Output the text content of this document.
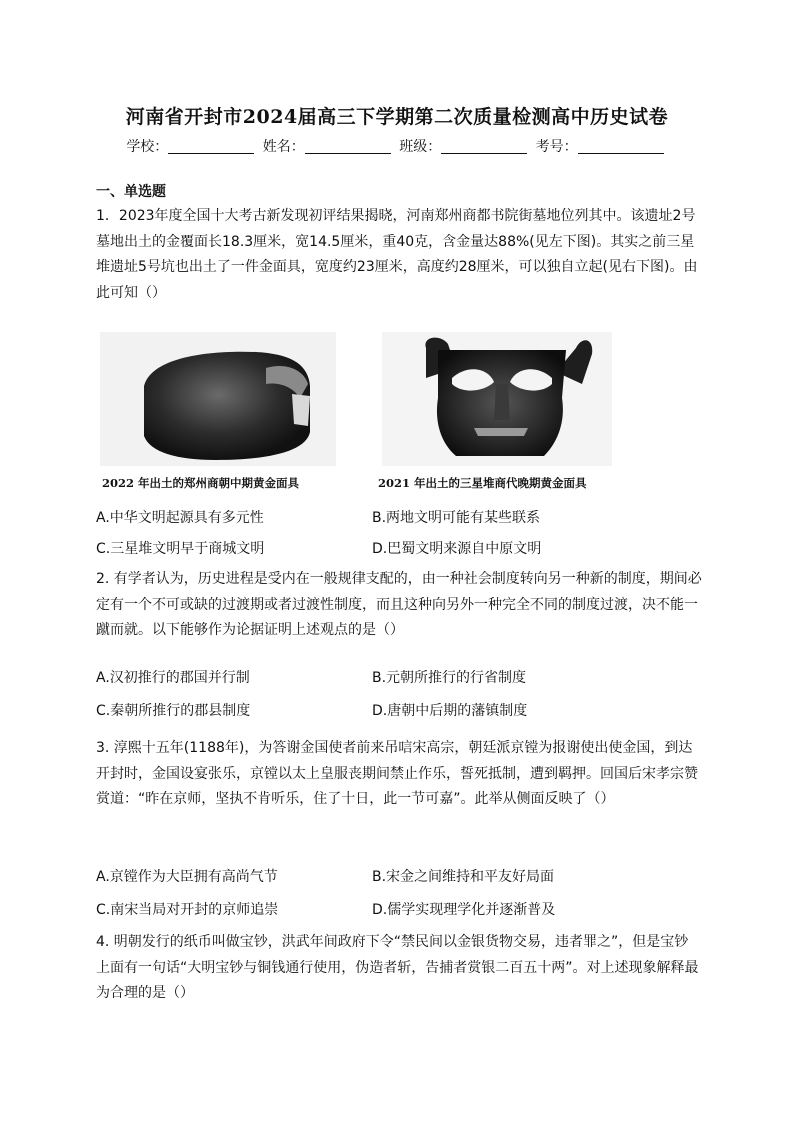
河南省开封市2024届高三下学期第二次质量检测高中历史试卷
学校：	姓名：	班级：	考号：
一、单选题
1．2023年度全国十大考古新发现初评结果揭晓，河南郑州商都书院街墓地位列其中。该遗址2号墓地出土的金覆面长18.3厘米，宽14.5厘米，重40克，含金量达88%(见左下图)。其实之前三星堆遗址5号坑也出土了一件金面具，宽度约23厘米，高度约28厘米，可以独自立起(见右下图)。由此可知（）
2022 年出土的郑州商朝中期黄金面具	2021 年出土的三星堆商代晚期黄金面具
A.中华文明起源具有多元性	B.两地文明可能有某些联系
C.三星堆文明早于商城文明	D.巴蜀文明来源自中原文明
2. 有学者认为，历史进程是受内在一般规律支配的，由一种社会制度转向另一种新的制度，期间必定有一个不可或缺的过渡期或者过渡性制度，而且这种向另外一种完全不同的制度过渡，决不能一蹴而就。以下能够作为论据证明上述观点的是（）
A.汉初推行的郡国并行制	B.元朝所推行的行省制度
C.秦朝所推行的郡县制度	D.唐朝中后期的藩镇制度
3. 淳熙十五年(1188年)，为答谢金国使者前来吊唁宋高宗，朝廷派京镗为报谢使出使金国，到达开封时，金国设宴张乐，京镗以太上皇服丧期间禁止作乐，誓死抵制，遭到羁押。回国后宋孝宗赞赏道：“昨在京师，坚执不肯听乐，住了十日，此一节可嘉”。此举从侧面反映了（）
A.京镗作为大臣拥有高尚气节	B.宋金之间维持和平友好局面
C.南宋当局对开封的京师追崇	D.儒学实现理学化并逐渐普及
4. 明朝发行的纸币叫做宝钞，洪武年间政府下令“禁民间以金银货物交易，违者罪之”，但是宝钞上面有一句话“大明宝钞与铜钱通行使用，伪造者斩，告捕者赏银二百五十两”。对上述现象解释最为合理的是（）
